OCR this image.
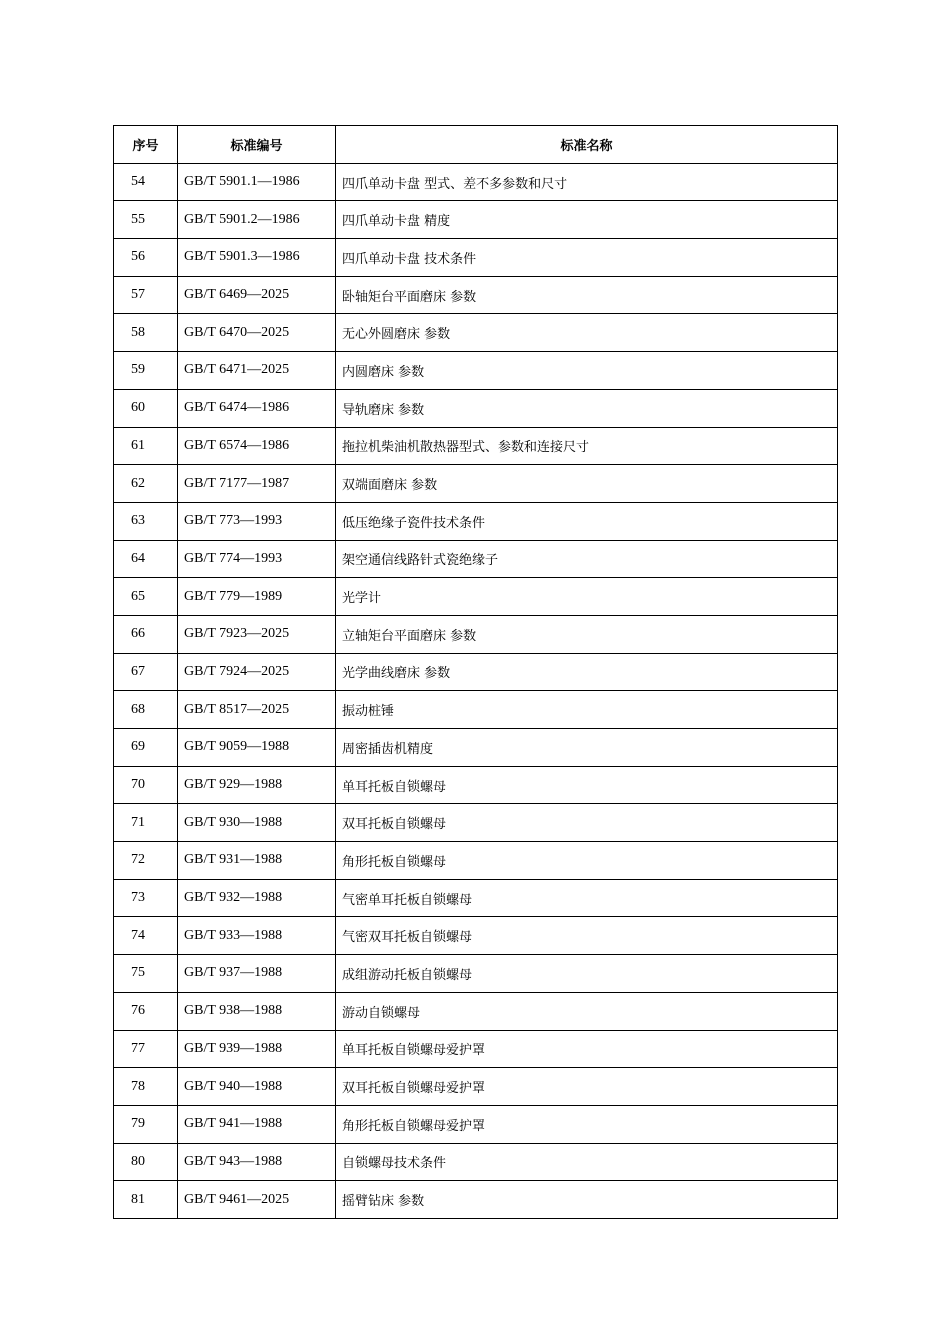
序号	标准编号	标准名称
54	GB/T 5901.1—1986	四爪单动卡盘 型式、差不多参数和尺寸
55	GB/T 5901.2—1986	四爪单动卡盘 精度
56	GB/T 5901.3—1986	四爪单动卡盘 技术条件
57	GB/T 6469—2025	卧轴矩台平面磨床 参数
58	GB/T 6470—2025	无心外圆磨床 参数
59	GB/T 6471—2025	内圆磨床 参数
60	GB/T 6474—1986	导轨磨床 参数
61	GB/T 6574—1986	拖拉机柴油机散热器型式、参数和连接尺寸
62	GB/T 7177—1987	双端面磨床 参数
63	GB/T 773—1993	低压绝缘子瓷件技术条件
64	GB/T 774—1993	架空通信线路针式瓷绝缘子
65	GB/T 779—1989	光学计
66	GB/T 7923—2025	立轴矩台平面磨床 参数
67	GB/T 7924—2025	光学曲线磨床 参数
68	GB/T 8517—2025	振动桩锤
69	GB/T 9059—1988	周密插齿机精度
70	GB/T 929—1988	单耳托板自锁螺母
71	GB/T 930—1988	双耳托板自锁螺母
72	GB/T 931—1988	角形托板自锁螺母
73	GB/T 932—1988	气密单耳托板自锁螺母
74	GB/T 933—1988	气密双耳托板自锁螺母
75	GB/T 937—1988	成组游动托板自锁螺母
76	GB/T 938—1988	游动自锁螺母
77	GB/T 939—1988	单耳托板自锁螺母爱护罩
78	GB/T 940—1988	双耳托板自锁螺母爱护罩
79	GB/T 941—1988	角形托板自锁螺母爱护罩
80	GB/T 943—1988	自锁螺母技术条件
81	GB/T 9461—2025	摇臂钻床 参数
